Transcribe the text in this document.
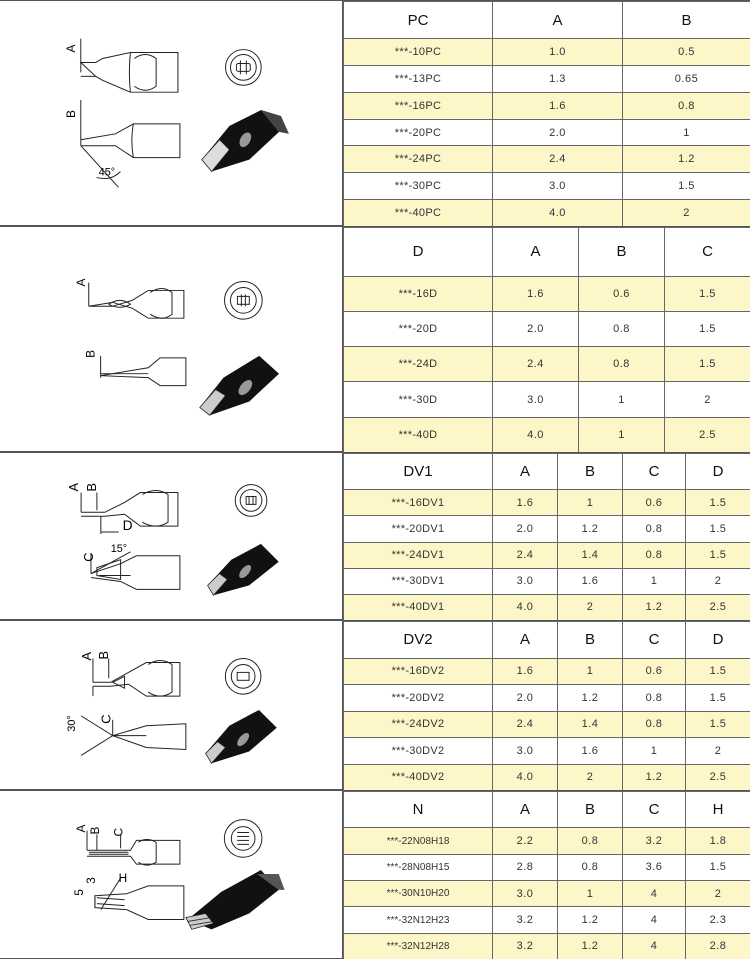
A
B
45°
PC	A	B
***-10PC	1.0	0.5
***-13PC	1.3	0.65
***-16PC	1.6	0.8
***-20PC	2.0	1
***-24PC	2.4	1.2
***-30PC	3.0	1.5
***-40PC	4.0	2
A
B
D	A	B	C
***-16D	1.6	0.6	1.5
***-20D	2.0	0.8	1.5
***-24D	2.4	0.8	1.5
***-30D	3.0	1	2
***-40D	4.0	1	2.5
A B
D
C
15°
DV1	A	B	C	D
***-16DV1	1.6	1	0.6	1.5
***-20DV1	2.0	1.2	0.8	1.5
***-24DV1	2.4	1.4	0.8	1.5
***-30DV1	3.0	1.6	1	2
***-40DV1	4.0	2	1.2	2.5
A B
C
30°
DV2	A	B	C	D
***-16DV2	1.6	1	0.6	1.5
***-20DV2	2.0	1.2	0.8	1.5
***-24DV2	2.4	1.4	0.8	1.5
***-30DV2	3.0	1.6	1	2
***-40DV2	4.0	2	1.2	2.5
A B C
H
3
5
N	A	B	C	H
***-22N08H18	2.2	0.8	3.2	1.8
***-28N08H15	2.8	0.8	3.6	1.5
***-30N10H20	3.0	1	4	2
***-32N12H23	3.2	1.2	4	2.3
***-32N12H28	3.2	1.2	4	2.8
